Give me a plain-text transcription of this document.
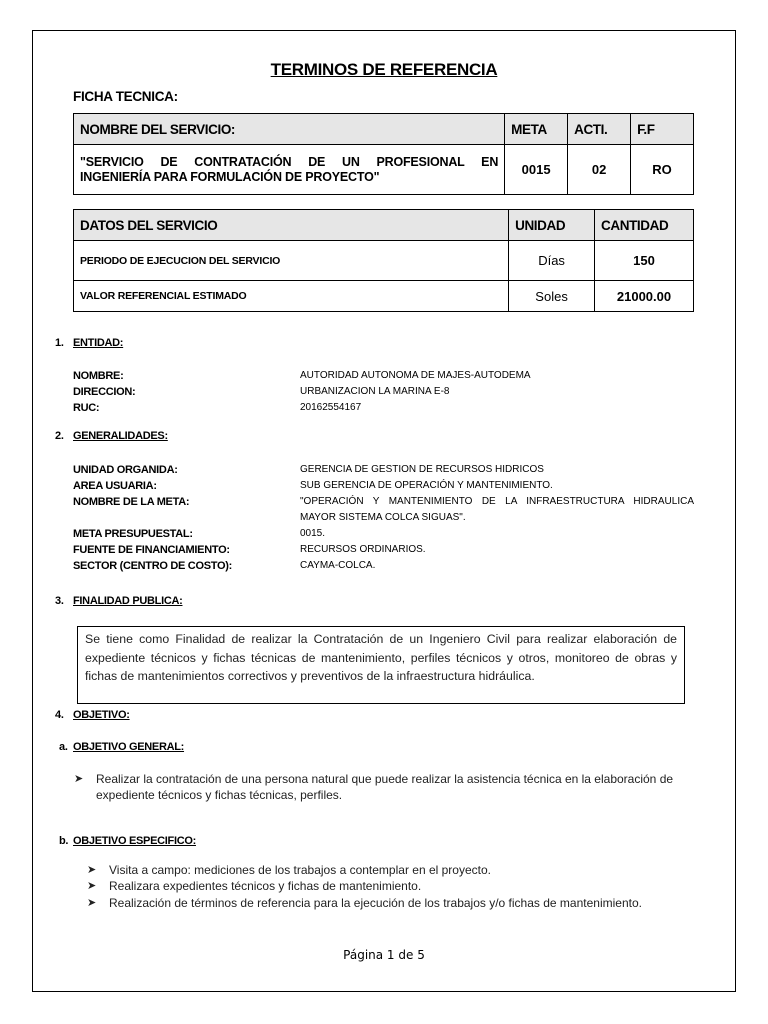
TERMINOS DE REFERENCIA
FICHA TECNICA:
NOMBRE DEL SERVICIO:	META	ACTI.	F.F

"SERVICIO DE CONTRATACIÓN DE UN PROFESIONAL EN
INGENIERÍA PARA FORMULACIÓN DE PROYECTO"	0015	02	RO
DATOS DEL SERVICIO	UNIDAD	CANTIDAD
PERIODO DE EJECUCION DEL SERVICIO	Días	150
VALOR REFERENCIAL ESTIMADO	Soles	21000.00
1. ENTIDAD:
NOMBRE:	AUTORIDAD AUTONOMA DE MAJES-AUTODEMA
DIRECCION:	URBANIZACION LA MARINA E-8
RUC:	20162554167
2. GENERALIDADES:
UNIDAD ORGANIDA:	GERENCIA DE GESTION DE RECURSOS HIDRICOS
AREA USUARIA:	SUB GERENCIA DE OPERACIÓN Y MANTENIMIENTO.
NOMBRE DE LA META:	"OPERACIÓN Y MANTENIMIENTO DE LA INFRAESTRUCTURA HIDRAULICA
MAYOR SISTEMA COLCA SIGUAS".
META PRESUPUESTAL:	0015.
FUENTE DE FINANCIAMIENTO:	RECURSOS ORDINARIOS.
SECTOR (CENTRO DE COSTO):	CAYMA-COLCA.
3. FINALIDAD PUBLICA:
Se tiene como Finalidad de realizar la Contratación de un Ingeniero Civil para realizar elaboración de expediente técnicos y fichas técnicas de mantenimiento, perfiles técnicos y otros, monitoreo de obras y fichas de mantenimientos correctivos y preventivos de la infraestructura hidráulica.
4. OBJETIVO:
a. OBJETIVO GENERAL:
➤ Realizar la contratación de una persona natural que puede realizar la asistencia técnica en la elaboración de expediente técnicos y fichas técnicas, perfiles.
b. OBJETIVO ESPECIFICO:
➤ Visita a campo: mediciones de los trabajos a contemplar en el proyecto.
➤ Realizara expedientes técnicos y fichas de mantenimiento.
➤ Realización de términos de referencia para la ejecución de los trabajos y/o fichas de mantenimiento.
Página 1 de 5
